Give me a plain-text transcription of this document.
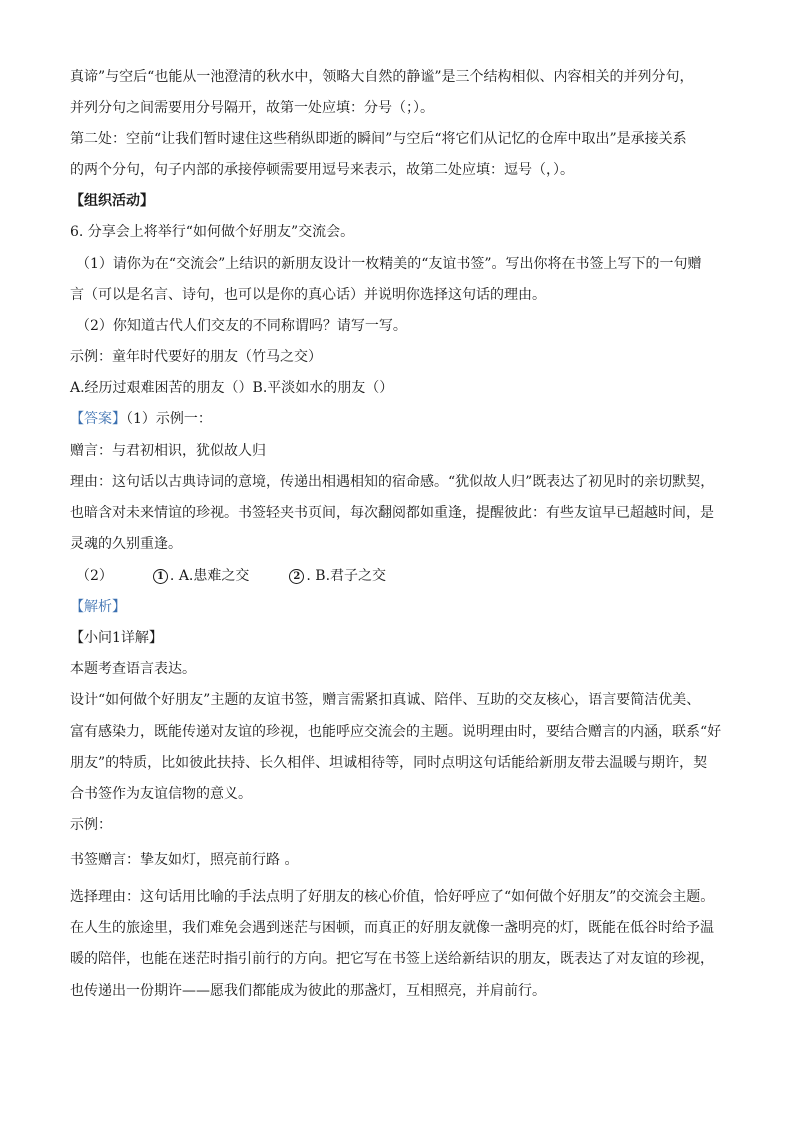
真谛”与空后“也能从一池澄清的秋水中，领略大自然的静谧”是三个结构相似、内容相关的并列分句，

并列分句之间需要用分号隔开，故第一处应填：分号（；）。

第二处：空前“让我们暂时逮住这些稍纵即逝的瞬间”与空后“将它们从记忆的仓库中取出”是承接关系

的两个分句，句子内部的承接停顿需要用逗号来表示，故第二处应填：逗号（，）。

【组织活动】

6. 分享会上将举行“如何做个好朋友”交流会。

（1）请你为在“交流会”上结识的新朋友设计一枚精美的“友谊书签”。写出你将在书签上写下的一句赠

言（可以是名言、诗句，也可以是你的真心话）并说明你选择这句话的理由。

（2）你知道古代人们交友的不同称谓吗？请写一写。

示例：童年时代要好的朋友（竹马之交）

A.经历过艰难困苦的朋友（）B.平淡如水的朋友（）

【答案】（1）示例一：

赠言：与君初相识，犹似故人归

理由：这句话以古典诗词的意境，传递出相遇相知的宿命感。“犹似故人归”既表达了初见时的亲切默契，

也暗含对未来情谊的珍视。书签轻夹书页间，每次翻阅都如重逢，提醒彼此：有些友谊早已超越时间，是

灵魂的久别重逢。

（2）	1 . A.患难之交	2 . B.君子之交

【解析】

【小问1详解】

本题考查语言表达。

设计“如何做个好朋友”主题的友谊书签，赠言需紧扣真诚、陪伴、互助的交友核心，语言要简洁优美、

富有感染力，既能传递对友谊的珍视，也能呼应交流会的主题。说明理由时，要结合赠言的内涵，联系“好

朋友”的特质，比如彼此扶持、长久相伴、坦诚相待等，同时点明这句话能给新朋友带去温暖与期许，契

合书签作为友谊信物的意义。

示例：

书签赠言：挚友如灯，照亮前行路 。

选择理由：这句话用比喻的手法点明了好朋友的核心价值，恰好呼应了“如何做个好朋友”的交流会主题。

在人生的旅途里，我们难免会遇到迷茫与困顿，而真正的好朋友就像一盏明亮的灯，既能在低谷时给予温

暖的陪伴，也能在迷茫时指引前行的方向。把它写在书签上送给新结识的朋友，既表达了对友谊的珍视，

也传递出一份期许——愿我们都能成为彼此的那盏灯，互相照亮，并肩前行。
